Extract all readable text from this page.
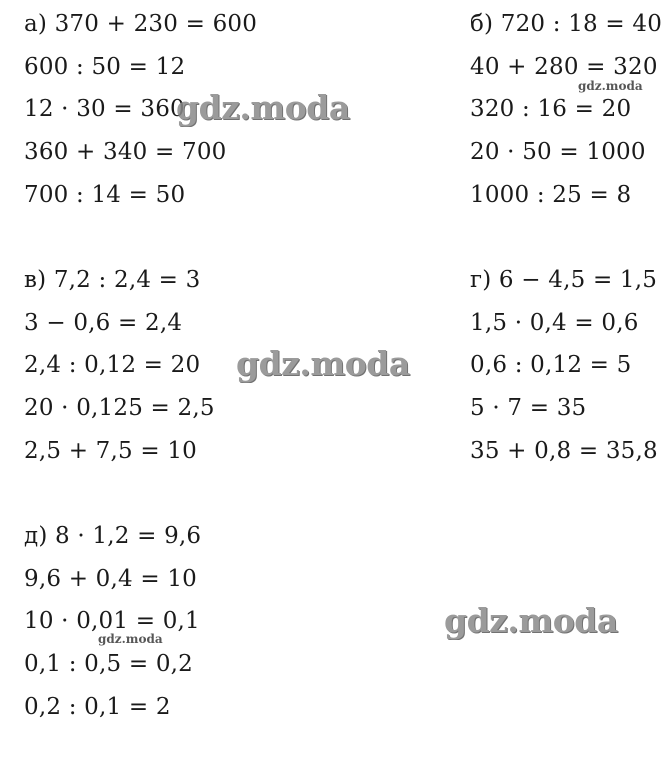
а) 370 + 230 = 600
600 : 50 = 12
12 · 30 = 360
360 + 340 = 700
700 : 14 = 50
б) 720 : 18 = 40
40 + 280 = 320
320 : 16 = 20
20 · 50 = 1000
1000 : 25 = 8
в) 7,2 : 2,4 = 3
3 − 0,6 = 2,4
2,4 : 0,12 = 20
20 · 0,125 = 2,5
2,5 + 7,5 = 10
г) 6 − 4,5 = 1,5
1,5 · 0,4 = 0,6
0,6 : 0,12 = 5
5 · 7 = 35
35 + 0,8 = 35,8
д) 8 · 1,2 = 9,6
9,6 + 0,4 = 10
10 · 0,01 = 0,1
0,1 : 0,5 = 0,2
0,2 : 0,1 = 2
gdz.moda
gdz.moda
gdz.moda
gdz.moda
gdz.moda
